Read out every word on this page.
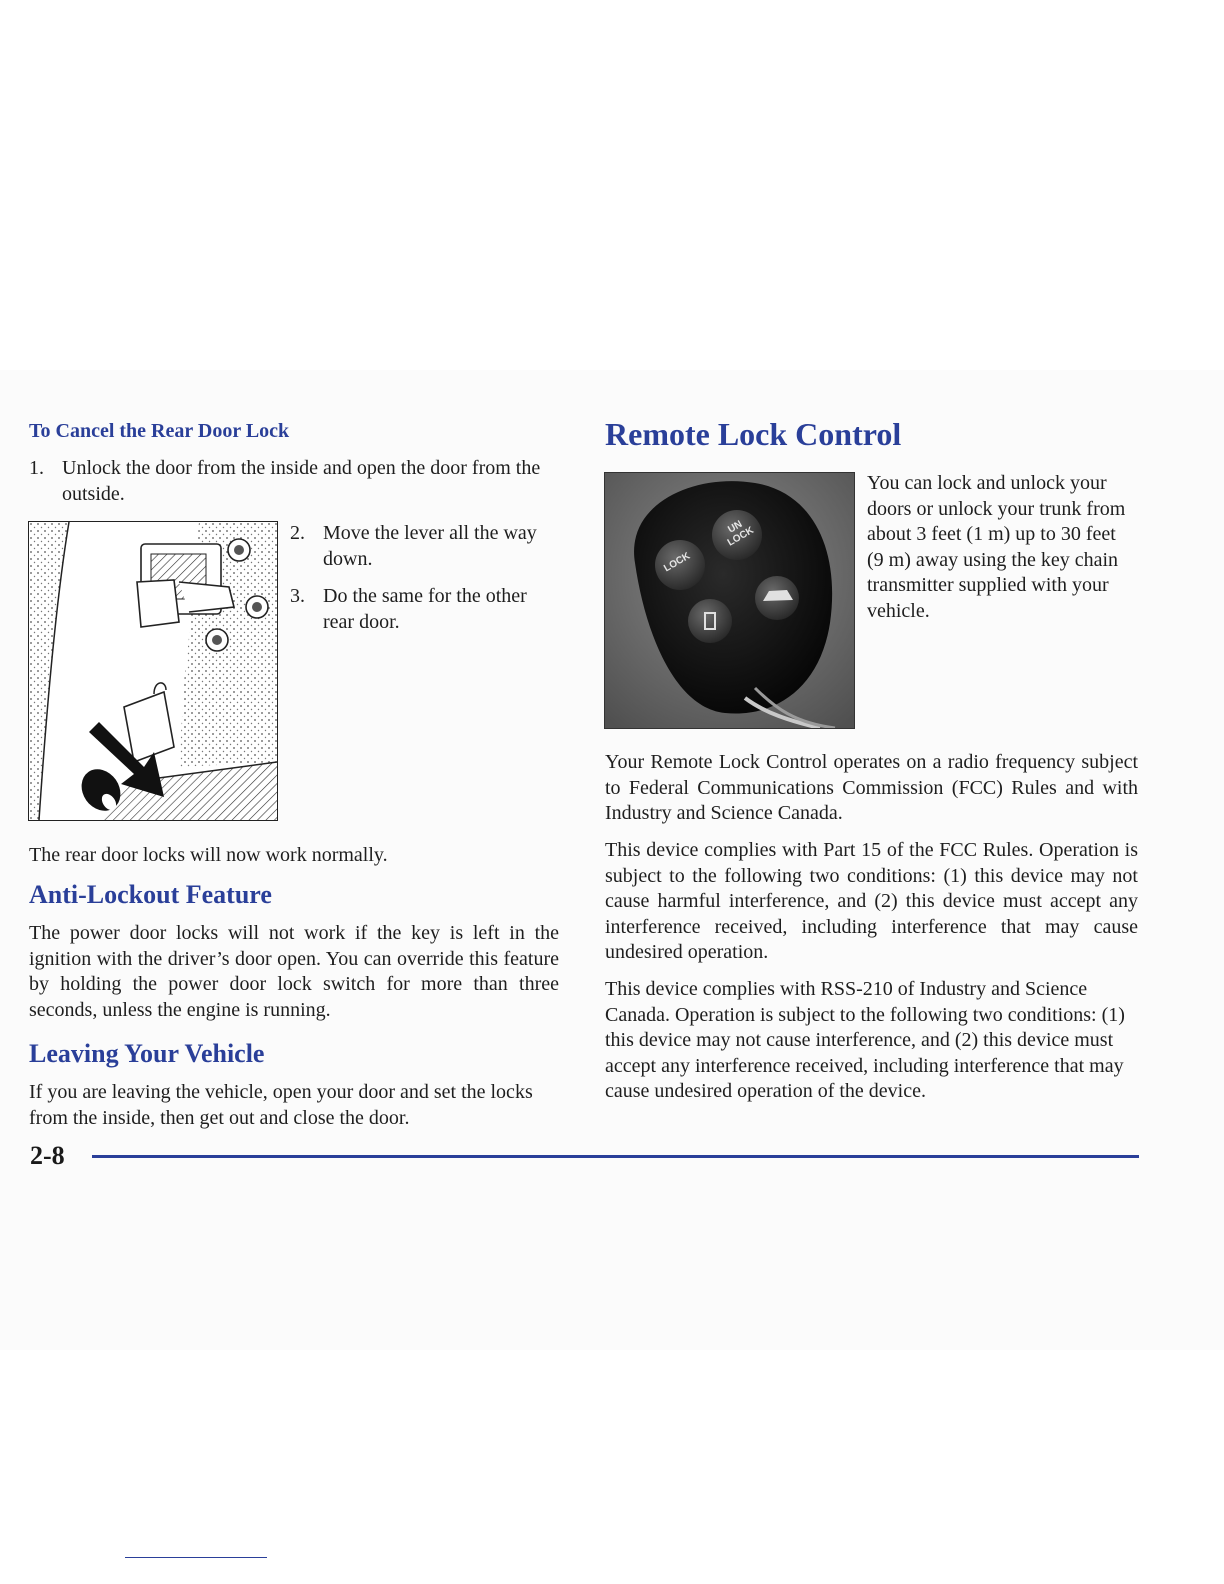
To Cancel the Rear Door Lock
1. Unlock the door from the inside and open the door from the outside.
2. Move the lever all the way down.
3. Do the same for the other rear door.
The rear door locks will now work normally.
Anti-Lockout Feature
The power door locks will not work if the key is left in the ignition with the driver’s door open. You can override this feature by holding the power door lock switch for more than three seconds, unless the engine is running.
Leaving Your Vehicle
If you are leaving the vehicle, open your door and set the locks from the inside, then get out and close the door.
Remote Lock Control
LOCK
UN LOCK
You can lock and unlock your doors or unlock your trunk from about 3 feet (1 m) up to 30 feet (9 m) away using the key chain transmitter supplied with your vehicle.
Your Remote Lock Control operates on a radio frequency subject to Federal Communications Commission (FCC) Rules and with Industry and Science Canada.
This device complies with Part 15 of the FCC Rules. Operation is subject to the following two conditions: (1) this device may not cause harmful interference, and (2) this device must accept any interference received, including interference that may cause undesired operation.
This device complies with RSS-210 of Industry and Science Canada. Operation is subject to the following two conditions: (1) this device may not cause interference, and (2) this device must accept any interference received, including interference that may cause undesired operation of the device.
2-8
